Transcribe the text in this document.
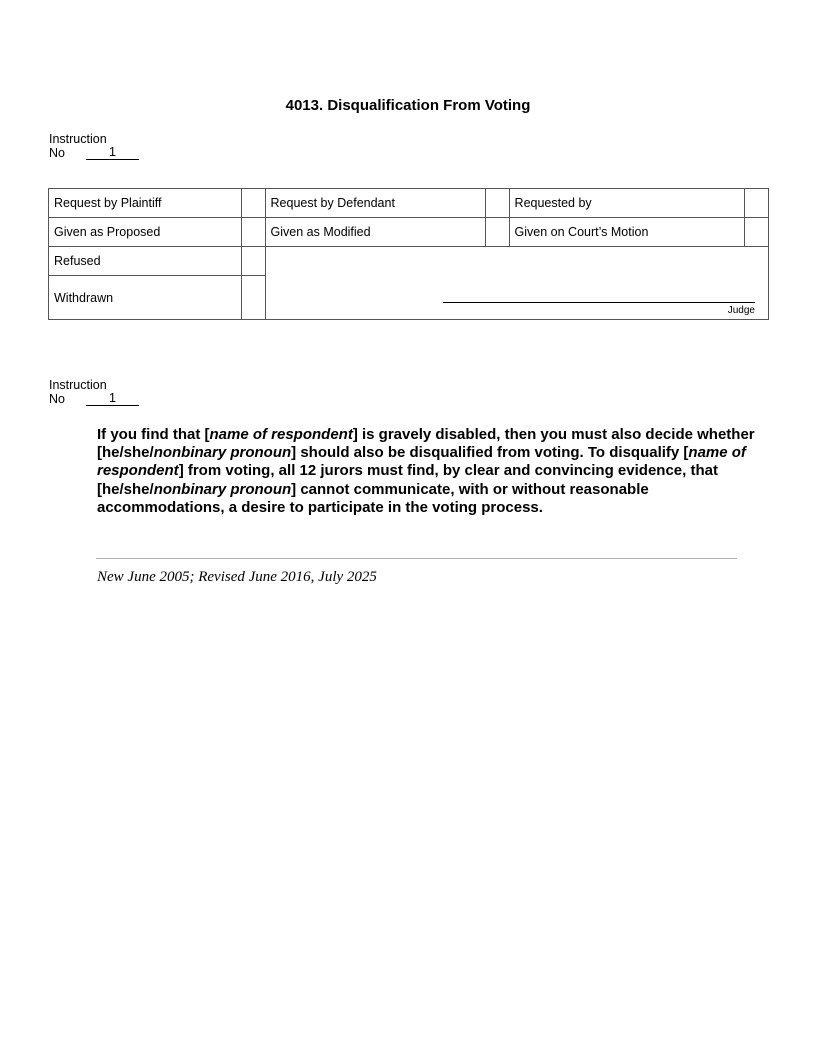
4013. Disqualification From Voting
Instruction
No	1
Request by Plaintiff		Request by Defendant		Requested by	
Given as Proposed		Given as Modified		Given on Court’s Motion	
Refused		Judge			

Withdrawn					
Instruction
No	1
If you find that [name of respondent] is gravely disabled, then you must also decide whether [he/she/nonbinary pronoun] should also be disqualified from voting. To disqualify [name of respondent] from voting, all 12 jurors must find, by clear and convincing evidence, that [he/she/nonbinary pronoun] cannot communicate, with or without reasonable accommodations, a desire to participate in the voting process.
New June 2005; Revised June 2016, July 2025
